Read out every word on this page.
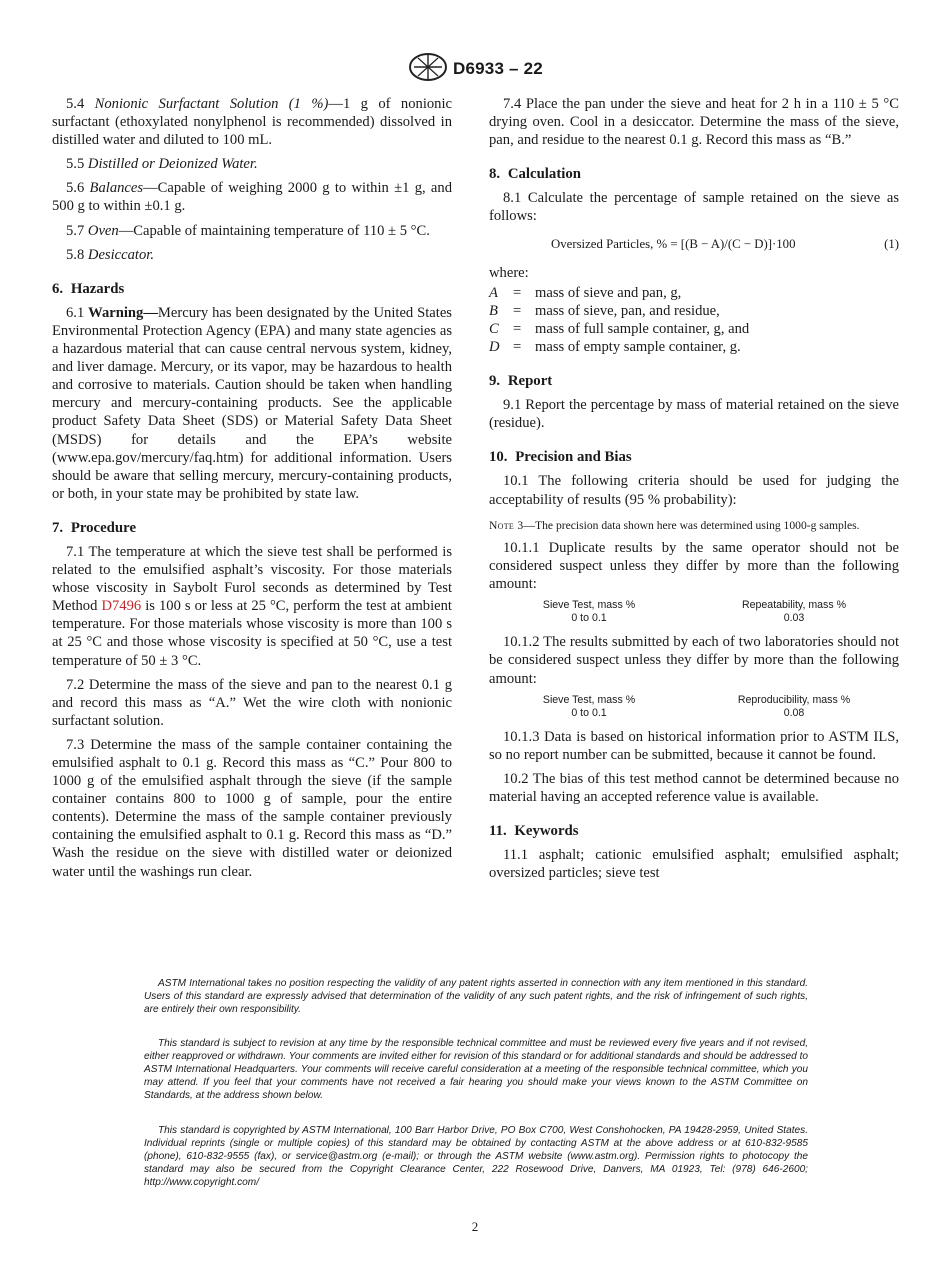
D6933 – 22

5.4 Nonionic Surfactant Solution (1 %)—1 g of nonionic surfactant (ethoxylated nonylphenol is recommended) dissolved in distilled water and diluted to 100 mL.

5.5 Distilled or Deionized Water.

5.6 Balances—Capable of weighing 2000 g to within ±1 g, and 500 g to within ±0.1 g.

5.7 Oven—Capable of maintaining temperature of 110 ± 5 °C.

5.8 Desiccator.

6. Hazards

6.1 Warning—Mercury has been designated by the United States Environmental Protection Agency (EPA) and many state agencies as a hazardous material that can cause central nervous system, kidney, and liver damage. Mercury, or its vapor, may be hazardous to health and corrosive to materials. Caution should be taken when handling mercury and mercury-containing products. See the applicable product Safety Data Sheet (SDS) or Material Safety Data Sheet (MSDS) for details and the EPA’s website (www.epa.gov/mercury/faq.htm) for additional information. Users should be aware that selling mercury, mercury-containing products, or both, in your state may be prohibited by state law.

7. Procedure

7.1 The temperature at which the sieve test shall be performed is related to the emulsified asphalt’s viscosity. For those materials whose viscosity in Saybolt Furol seconds as determined by Test Method D7496 is 100 s or less at 25 °C, perform the test at ambient temperature. For those materials whose viscosity is more than 100 s at 25 °C and those whose viscosity is specified at 50 °C, use a test temperature of 50 ± 3 °C.

7.2 Determine the mass of the sieve and pan to the nearest 0.1 g and record this mass as “A.” Wet the wire cloth with nonionic surfactant solution.

7.3 Determine the mass of the sample container containing the emulsified asphalt to 0.1 g. Record this mass as “C.” Pour 800 to 1000 g of the emulsified asphalt through the sieve (if the sample container contains 800 to 1000 g of sample, pour the entire contents). Determine the mass of the sample container previously containing the emulsified asphalt to 0.1 g. Record this mass as “D.” Wash the residue on the sieve with distilled water or deionized water until the washings run clear.

7.4 Place the pan under the sieve and heat for 2 h in a 110 ± 5 °C drying oven. Cool in a desiccator. Determine the mass of the sieve, pan, and residue to the nearest 0.1 g. Record this mass as “B.”

8. Calculation

8.1 Calculate the percentage of sample retained on the sieve as follows:

Oversized Particles, % = [(B − A)/(C − D)]·100	(1)
where:
A	= mass of sieve and pan, g,
B	= mass of sieve, pan, and residue,
C = mass of full sample container, g, and
D = mass of empty sample container, g.
9. Report

9.1 Report the percentage by mass of material retained on the sieve (residue).

10. Precision and Bias

10.1 The following criteria should be used for judging the acceptability of results (95 % probability):

Note 3—The precision data shown here was determined using 1000-g samples.

10.1.1 Duplicate results by the same operator should not be considered suspect unless they differ by more than the following amount:

Sieve Test, mass %	Repeatability, mass %
0 to 0.1	0.03

10.1.2 The results submitted by each of two laboratories should not be considered suspect unless they differ by more than the following amount:

Sieve Test, mass %	Reproducibility, mass %
0 to 0.1	0.08

10.1.3 Data is based on historical information prior to ASTM ILS, so no report number can be submitted, because it cannot be found.

10.2 The bias of this test method cannot be determined because no material having an accepted reference value is available.

11. Keywords

11.1 asphalt; cationic emulsified asphalt; emulsified asphalt; oversized particles; sieve test

ASTM International takes no position respecting the validity of any patent rights asserted in connection with any item mentioned in this standard. Users of this standard are expressly advised that determination of the validity of any such patent rights, and the risk of infringement of such rights, are entirely their own responsibility.

This standard is subject to revision at any time by the responsible technical committee and must be reviewed every five years and if not revised, either reapproved or withdrawn. Your comments are invited either for revision of this standard or for additional standards and should be addressed to ASTM International Headquarters. Your comments will receive careful consideration at a meeting of the responsible technical committee, which you may attend. If you feel that your comments have not received a fair hearing you should make your views known to the ASTM Committee on Standards, at the address shown below.

This standard is copyrighted by ASTM International, 100 Barr Harbor Drive, PO Box C700, West Conshohocken, PA 19428-2959, United States. Individual reprints (single or multiple copies) of this standard may be obtained by contacting ASTM at the above address or at 610-832-9585 (phone), 610-832-9555 (fax), or service@astm.org (e-mail); or through the ASTM website (www.astm.org). Permission rights to photocopy the standard may also be secured from the Copyright Clearance Center, 222 Rosewood Drive, Danvers, MA 01923, Tel: (978) 646-2600; http://www.copyright.com/

2
